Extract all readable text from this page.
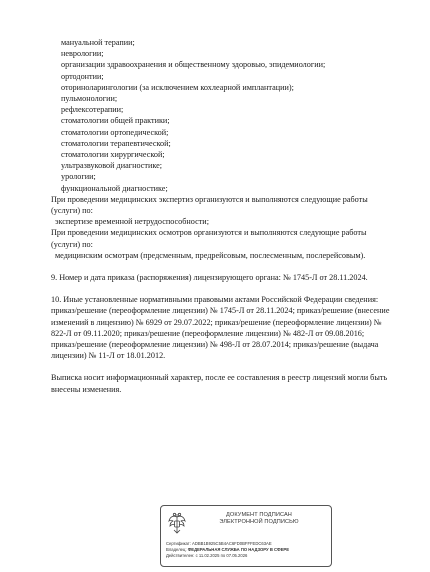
мануальной терапии;
неврологии;
организации здравоохранения и общественному здоровью, эпидемиологии;
ортодонтии;
оториноларингологии (за исключением кохлеарной имплантации);
пульмонологии;
рефлексотерапии;
стоматологии общей практики;
стоматологии ортопедической;
стоматологии терапевтической;
стоматологии хирургической;
ультразвуковой диагностике;
урологии;
функциональной диагностике;
При проведении медицинских экспертиз организуются и выполняются следующие работы
(услуги) по:
экспертизе временной нетрудоспособности;
При проведении медицинских осмотров организуются и выполняются следующие работы
(услуги) по:
медицинским осмотрам (предсменным, предрейсовым, послесменным, послерейсовым).
9. Номер и дата приказа (распоряжения) лицензирующего органа: № 1745-Л от 28.11.2024.
10. Иные установленные нормативными правовыми актами Российской Федерации сведения:
приказ/решение (переоформление лицензии) № 1745-Л от 28.11.2024; приказ/решение (внесение
изменений в лицензию) № 6929 от 29.07.2022; приказ/решение (переоформление лицензии) №
822-Л от 09.11.2020; приказ/решение (переоформление лицензии) № 482-Л от 09.08.2016;
приказ/решение (переоформление лицензии) № 498-Л от 28.07.2014; приказ/решение (выдача
лицензии) № 11-Л от 18.01.2012.
Выписка носит информационный характер, после ее составления в реестр лицензий могли быть
внесены изменения.
ДОКУМЕНТ ПОДПИСАН
ЭЛЕКТРОННОЙ ПОДПИСЬЮ
Сертификат: ADBB1B925C5B4AC6FD0BFFFEDC63AE
Владелец: ФЕДЕРАЛЬНАЯ СЛУЖБА ПО НАДЗОРУ В СФЕРЕ
Действителен: с 11.02.2025 по 07.05.2026
